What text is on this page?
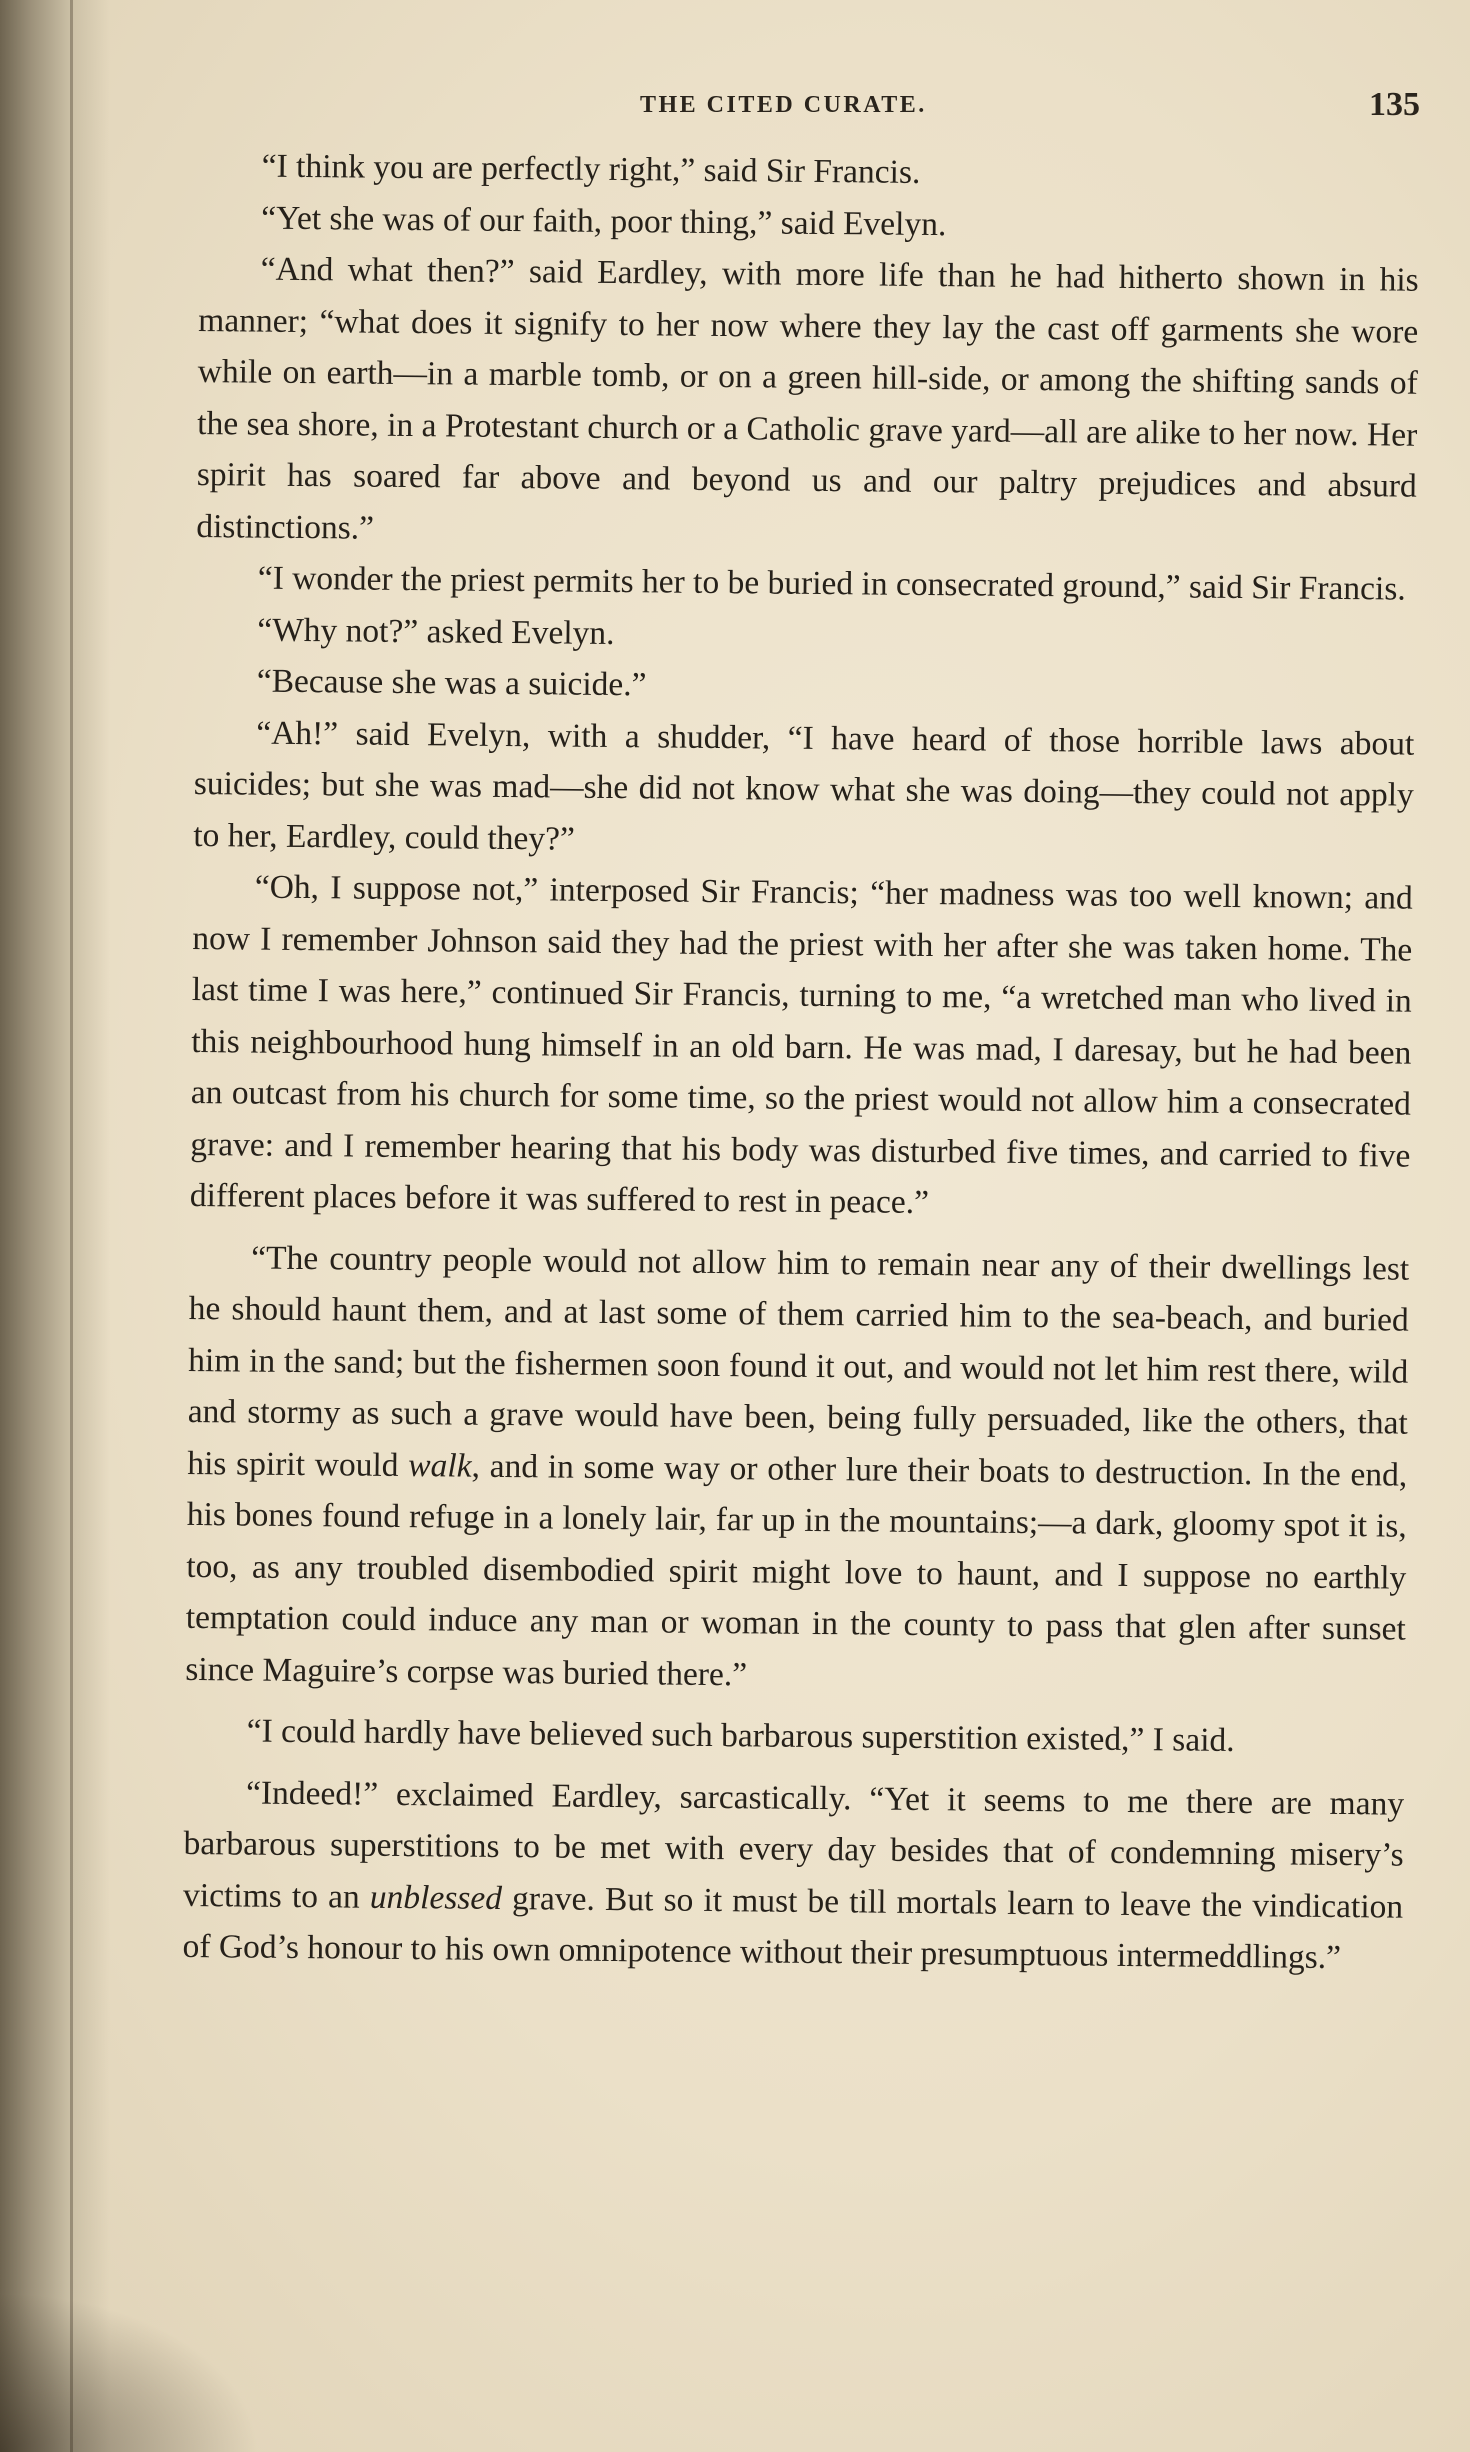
THE CITED CURATE.	135

“I think you are perfectly right,” said Sir Francis.

“Yet she was of our faith, poor thing,” said Evelyn.

“And what then?” said Eardley, with more life than he had hitherto shown in his manner; “what does it signify to her now where they lay the cast off garments she wore while on earth—in a marble tomb, or on a green hill-side, or among the shifting sands of the sea shore, in a Protestant church or a Catholic grave yard—all are alike to her now. Her spirit has soared far above and beyond us and our paltry prejudices and absurd distinctions.”

“I wonder the priest permits her to be buried in consecrated ground,” said Sir Francis.

“Why not?” asked Evelyn.

“Because she was a suicide.”

“Ah!” said Evelyn, with a shudder, “I have heard of those horrible laws about suicides; but she was mad—she did not know what she was doing—they could not apply to her, Eardley, could they?”

“Oh, I suppose not,” interposed Sir Francis; “her madness was too well known; and now I remember Johnson said they had the priest with her after she was taken home. The last time I was here,” continued Sir Francis, turning to me, “a wretched man who lived in this neighbourhood hung himself in an old barn. He was mad, I daresay, but he had been an outcast from his church for some time, so the priest would not allow him a consecrated grave: and I remember hearing that his body was disturbed five times, and carried to five different places before it was suffered to rest in peace.”

“The country people would not allow him to remain near any of their dwellings lest he should haunt them, and at last some of them carried him to the sea-beach, and buried him in the sand; but the fishermen soon found it out, and would not let him rest there, wild and stormy as such a grave would have been, being fully persuaded, like the others, that his spirit would walk, and in some way or other lure their boats to destruction. In the end, his bones found refuge in a lonely lair, far up in the mountains;—a dark, gloomy spot it is, too, as any troubled disembodied spirit might love to haunt, and I suppose no earthly temptation could induce any man or woman in the county to pass that glen after sunset since Maguire’s corpse was buried there.”

“I could hardly have believed such barbarous superstition existed,” I said.

“Indeed!” exclaimed Eardley, sarcastically. “Yet it seems to me there are many barbarous superstitions to be met with every day besides that of condemning misery’s victims to an unblessed grave. But so it must be till mortals learn to leave the vindication of God’s honour to his own omnipotence without their presumptuous intermeddlings.”
